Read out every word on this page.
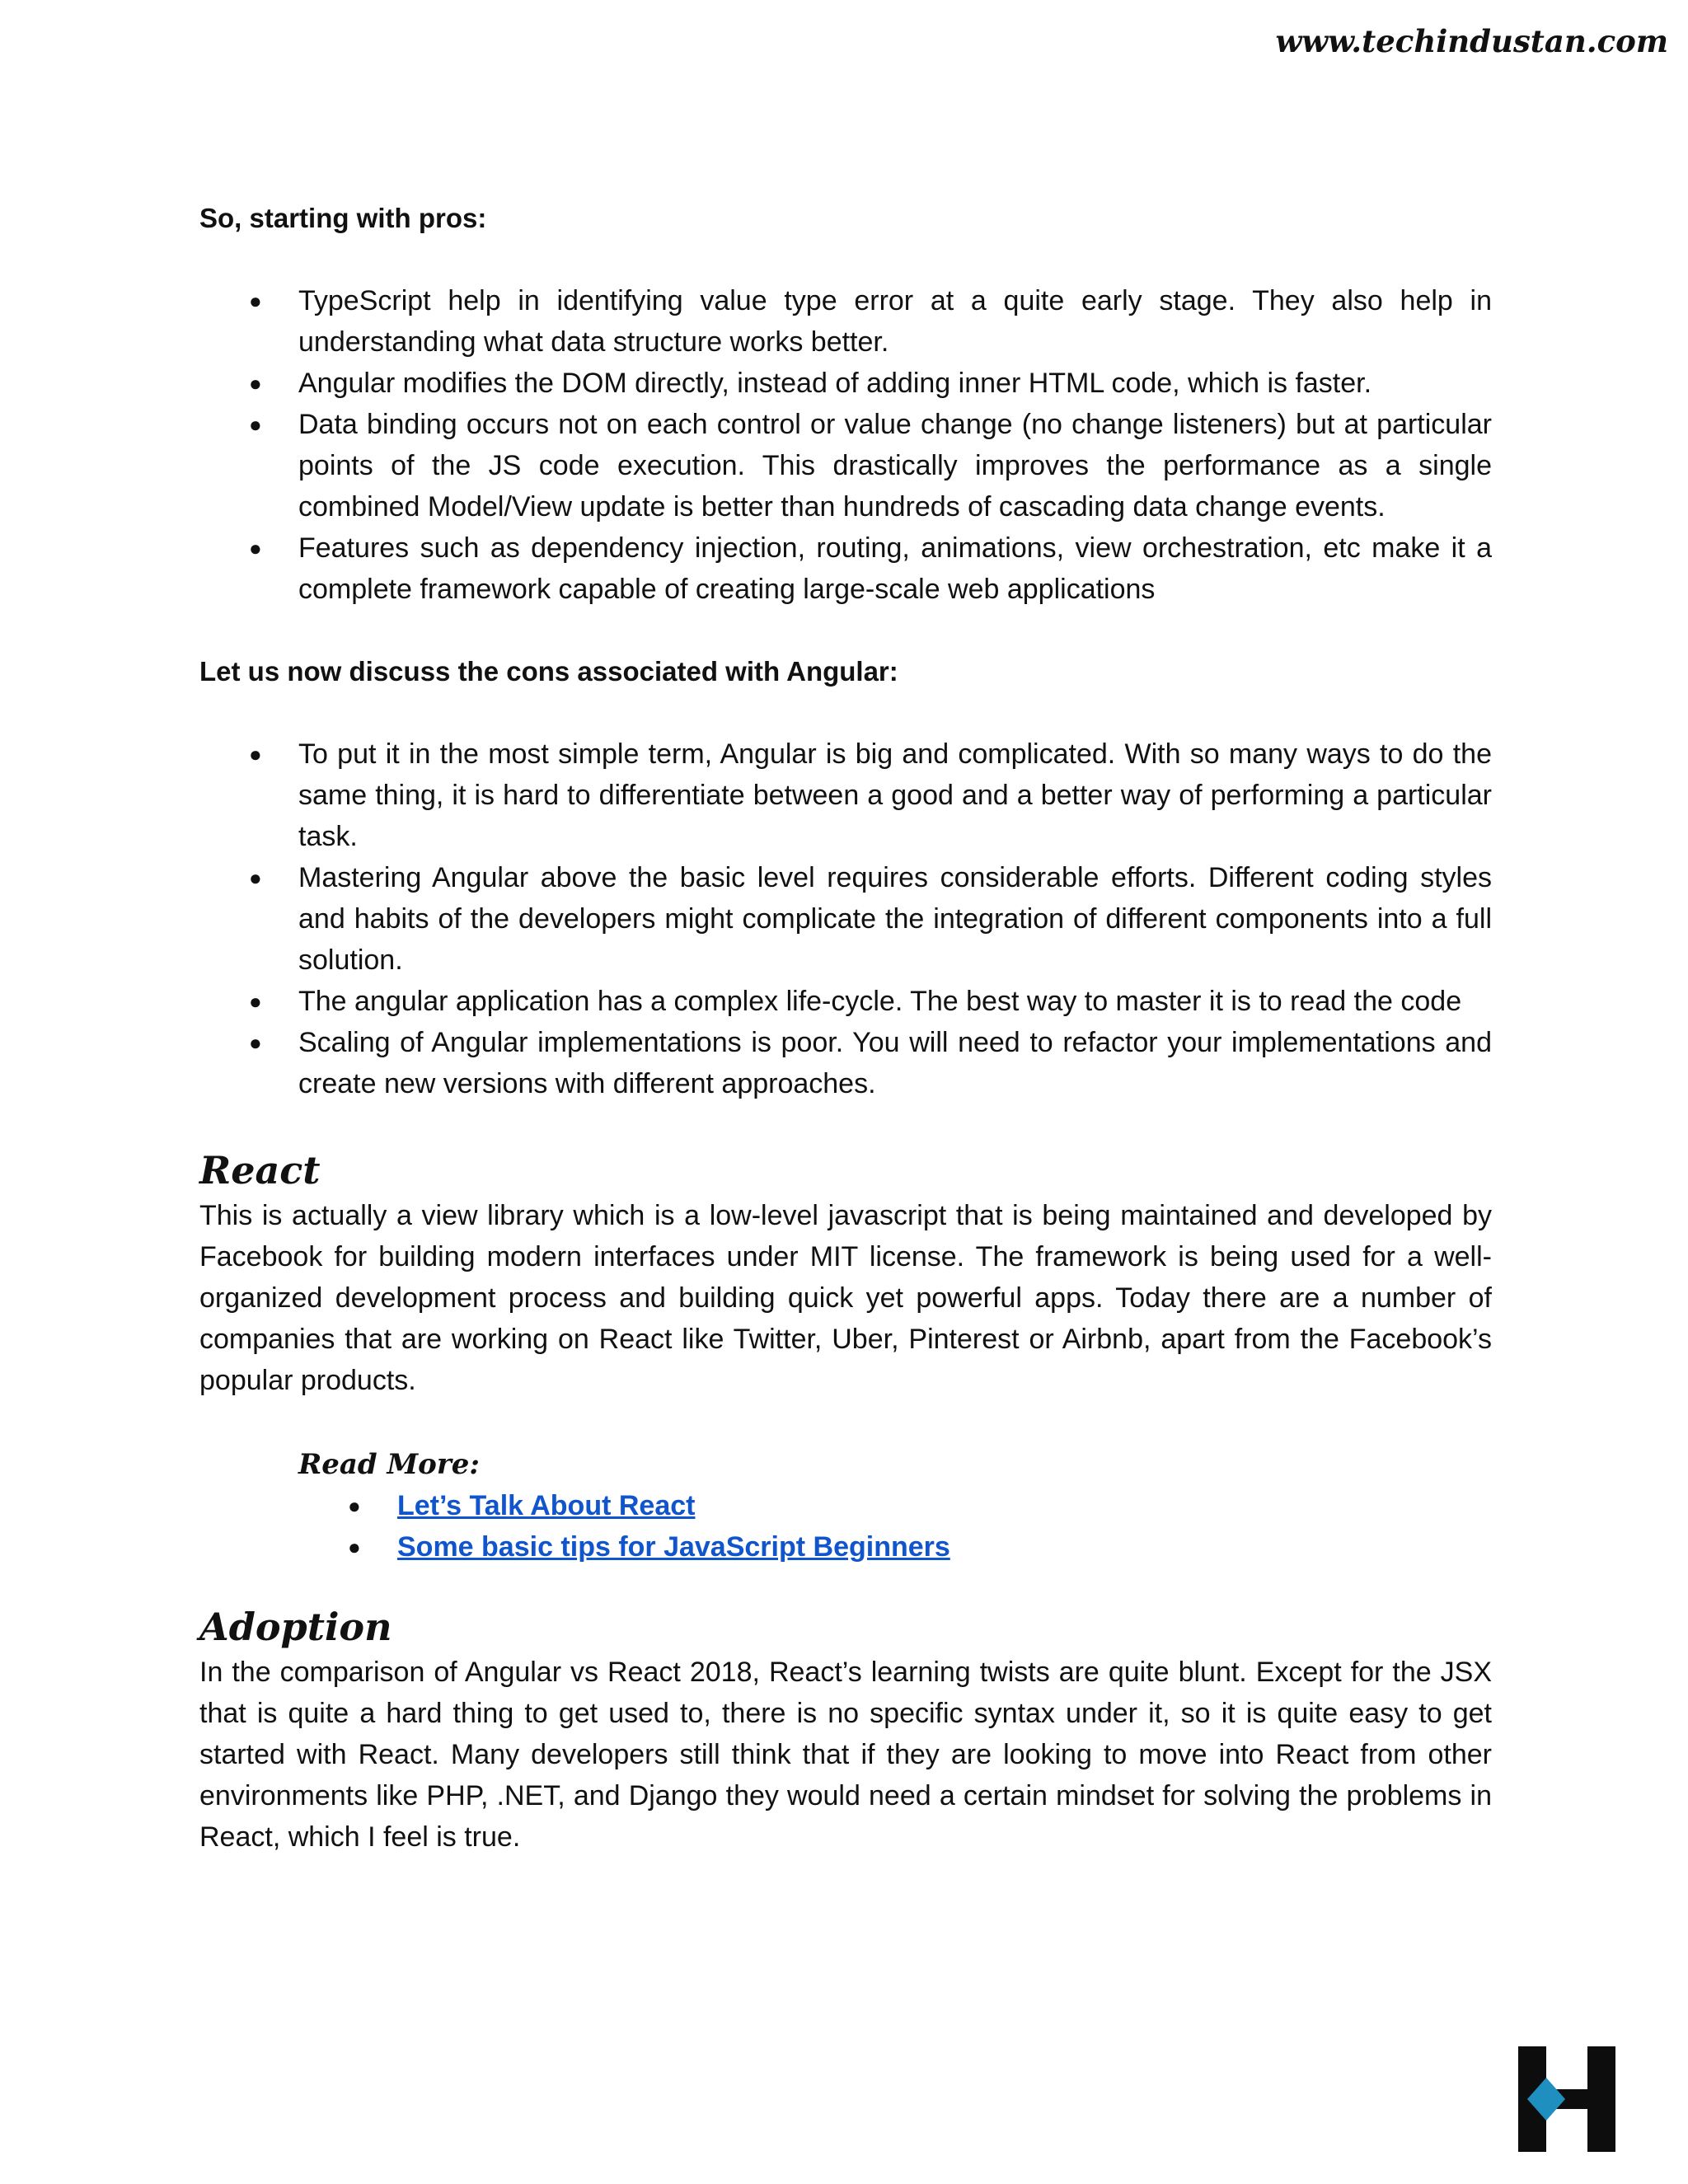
www.techindustan.com

So, starting with pros:

● TypeScript help in identifying value type error at a quite early stage. They also help in understanding what data structure works better.
● Angular modifies the DOM directly, instead of adding inner HTML code, which is faster.
● Data binding occurs not on each control or value change (no change listeners) but at particular points of the JS code execution. This drastically improves the performance as a single combined Model/View update is better than hundreds of cascading data change events.
● Features such as dependency injection, routing, animations, view orchestration, etc make it a complete framework capable of creating large-scale web applications

Let us now discuss the cons associated with Angular:

● To put it in the most simple term, Angular is big and complicated. With so many ways to do the same thing, it is hard to differentiate between a good and a better way of performing a particular task.
● Mastering Angular above the basic level requires considerable efforts. Different coding styles and habits of the developers might complicate the integration of different components into a full solution.
● The angular application has a complex life-cycle. The best way to master it is to read the code
● Scaling of Angular implementations is poor. You will need to refactor your implementations and create new versions with different approaches.
React

This is actually a view library which is a low-level javascript that is being maintained and developed by Facebook for building modern interfaces under MIT license. The framework is being used for a well-organized development process and building quick yet powerful apps. Today there are a number of companies that are working on React like Twitter, Uber, Pinterest or Airbnb, apart from the Facebook’s popular products.

Read More:
● Let’s Talk About React
● Some basic tips for JavaScript Beginners
Adoption

In the comparison of Angular vs React 2018, React’s learning twists are quite blunt. Except for the JSX that is quite a hard thing to get used to, there is no specific syntax under it, so it is quite easy to get started with React. Many developers still think that if they are looking to move into React from other environments like PHP, .NET, and Django they would need a certain mindset for solving the problems in React, which I feel is true.
